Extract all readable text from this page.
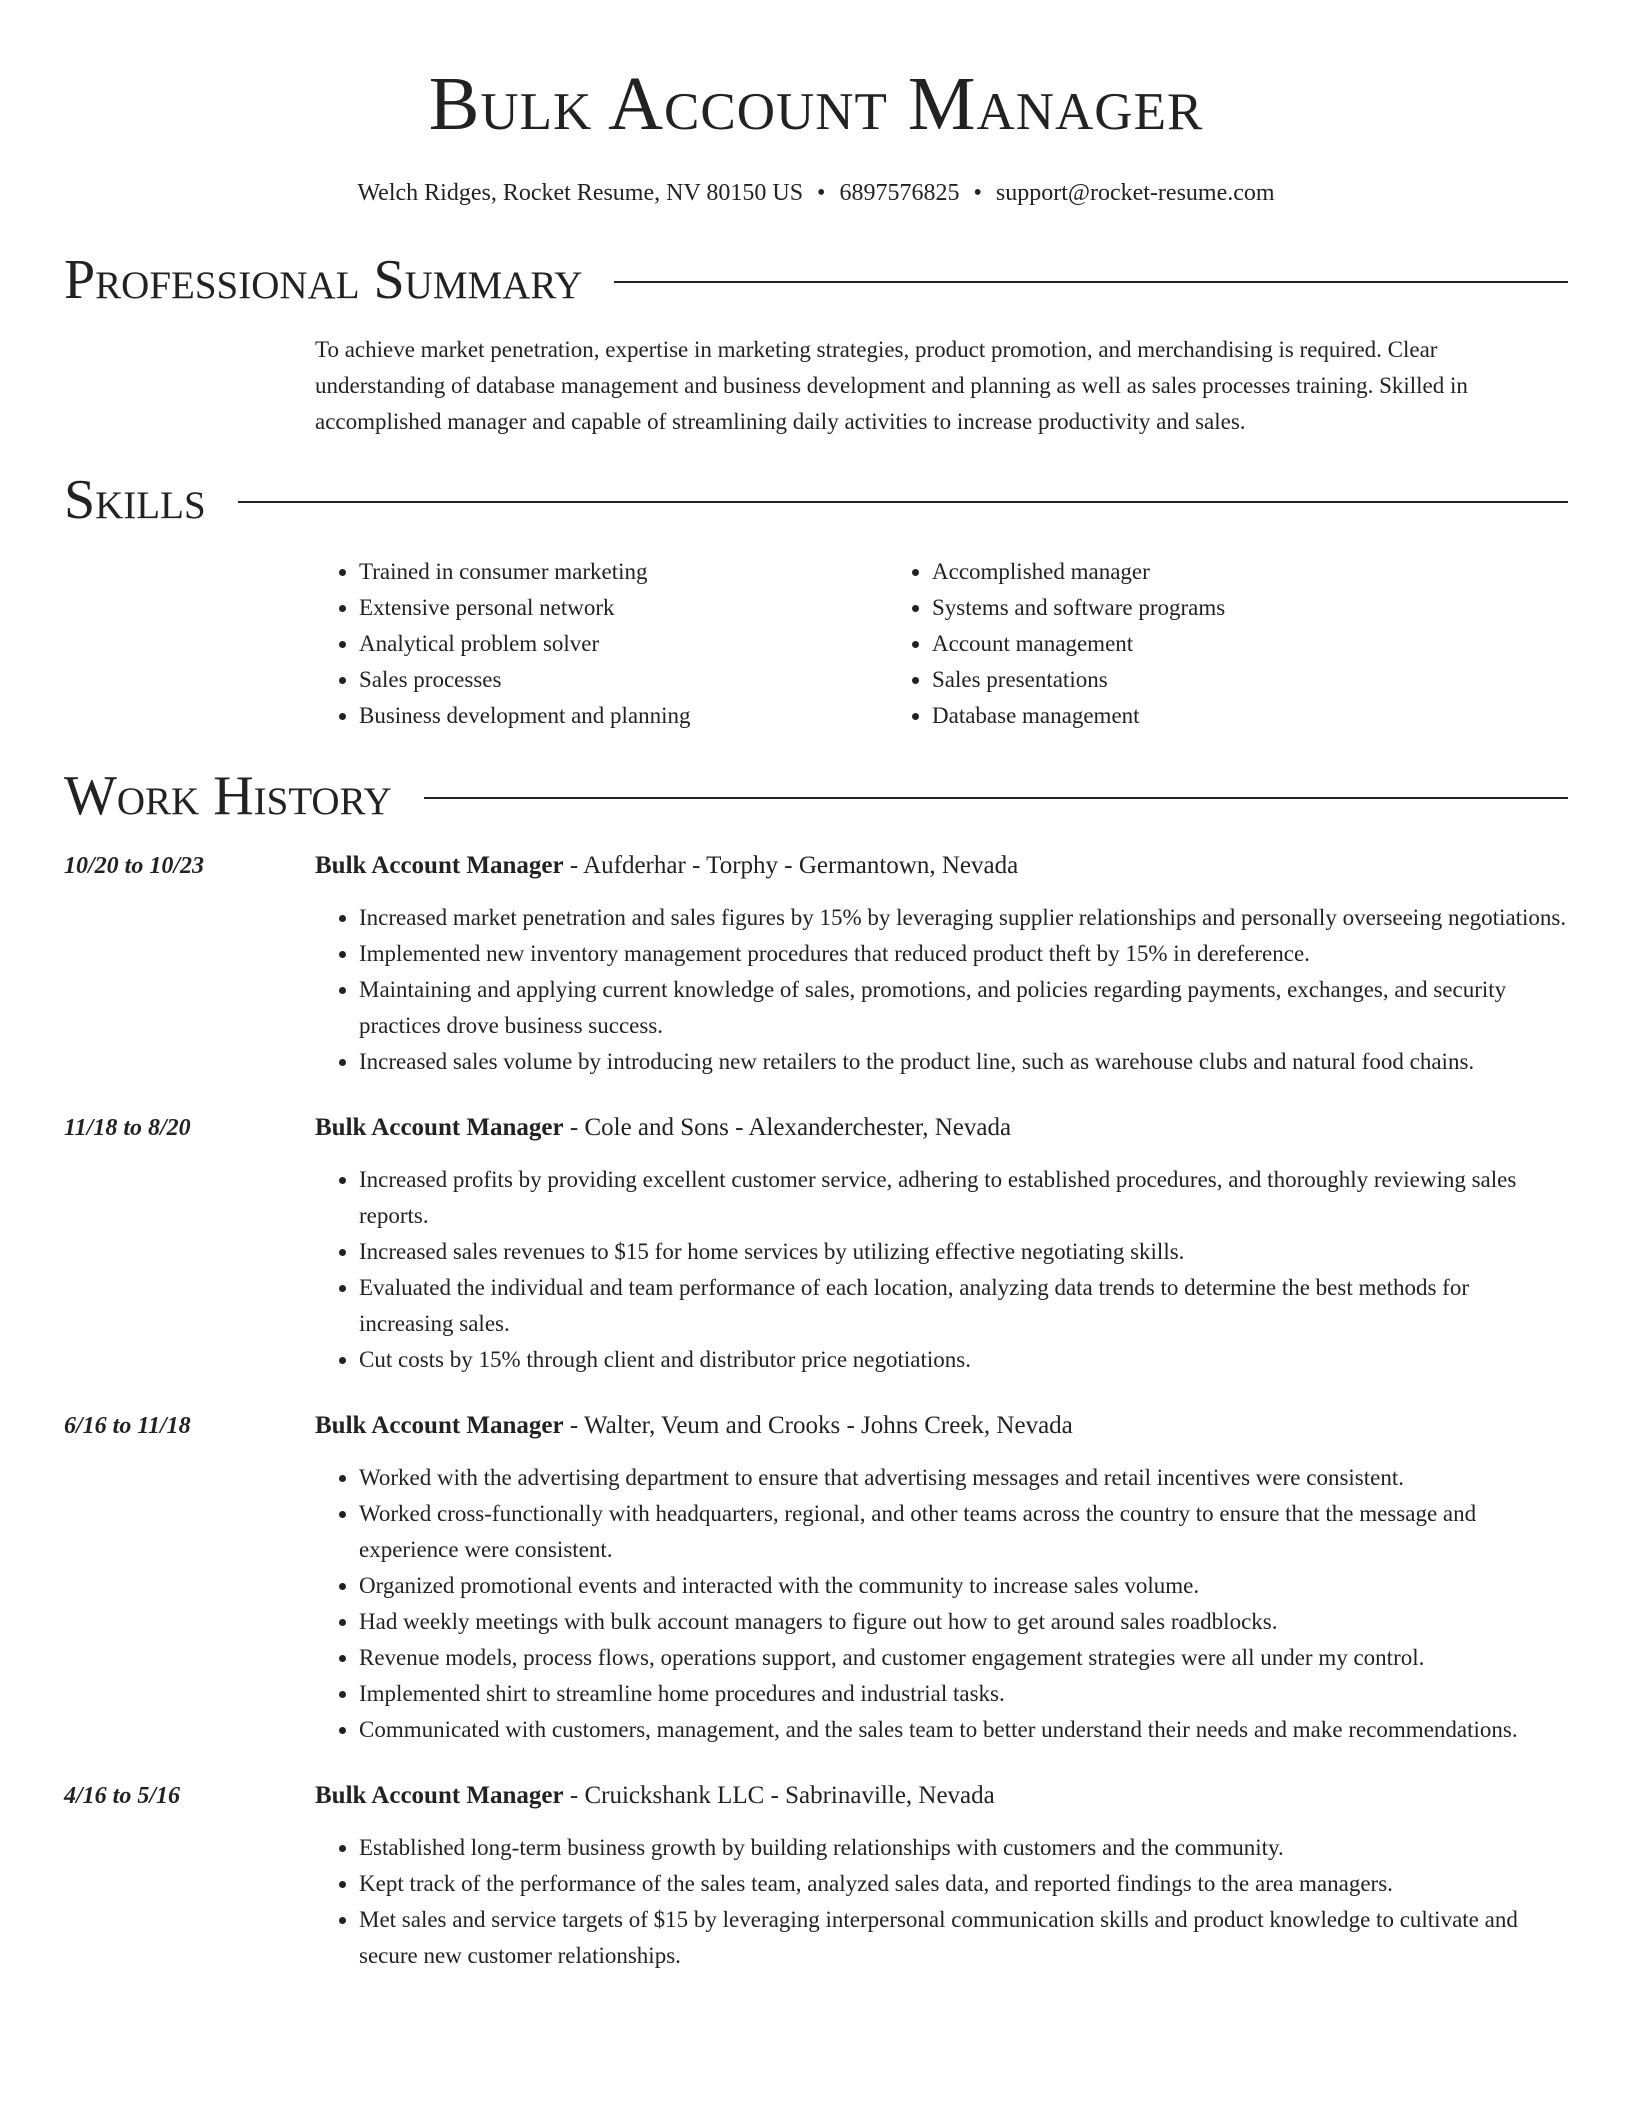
Bulk Account Manager
Welch Ridges, Rocket Resume, NV 80150 US • 6897576825 • support@rocket-resume.com
Professional Summary
To achieve market penetration, expertise in marketing strategies, product promotion, and merchandising is required. Clear understanding of database management and business development and planning as well as sales processes training. Skilled in accomplished manager and capable of streamlining daily activities to increase productivity and sales.
Skills
• Trained in consumer marketing
• Extensive personal network
• Analytical problem solver
• Sales processes
• Business development and planning
• Accomplished manager
• Systems and software programs
• Account management
• Sales presentations
• Database management
Work History
10/20 to 10/23	Bulk Account Manager - Aufderhar - Torphy - Germantown, Nevada
• Increased market penetration and sales figures by 15% by leveraging supplier relationships and personally overseeing negotiations.
• Implemented new inventory management procedures that reduced product theft by 15% in dereference.
• Maintaining and applying current knowledge of sales, promotions, and policies regarding payments, exchanges, and security practices drove business success.
• Increased sales volume by introducing new retailers to the product line, such as warehouse clubs and natural food chains.
11/18 to 8/20	Bulk Account Manager - Cole and Sons - Alexanderchester, Nevada
• Increased profits by providing excellent customer service, adhering to established procedures, and thoroughly reviewing sales reports.
• Increased sales revenues to $15 for home services by utilizing effective negotiating skills.
• Evaluated the individual and team performance of each location, analyzing data trends to determine the best methods for increasing sales.
• Cut costs by 15% through client and distributor price negotiations.
6/16 to 11/18	Bulk Account Manager - Walter, Veum and Crooks - Johns Creek, Nevada
• Worked with the advertising department to ensure that advertising messages and retail incentives were consistent.
• Worked cross-functionally with headquarters, regional, and other teams across the country to ensure that the message and experience were consistent.
• Organized promotional events and interacted with the community to increase sales volume.
• Had weekly meetings with bulk account managers to figure out how to get around sales roadblocks.
• Revenue models, process flows, operations support, and customer engagement strategies were all under my control.
• Implemented shirt to streamline home procedures and industrial tasks.
• Communicated with customers, management, and the sales team to better understand their needs and make recommendations.
4/16 to 5/16	Bulk Account Manager - Cruickshank LLC - Sabrinaville, Nevada
• Established long-term business growth by building relationships with customers and the community.
• Kept track of the performance of the sales team, analyzed sales data, and reported findings to the area managers.
• Met sales and service targets of $15 by leveraging interpersonal communication skills and product knowledge to cultivate and secure new customer relationships.
